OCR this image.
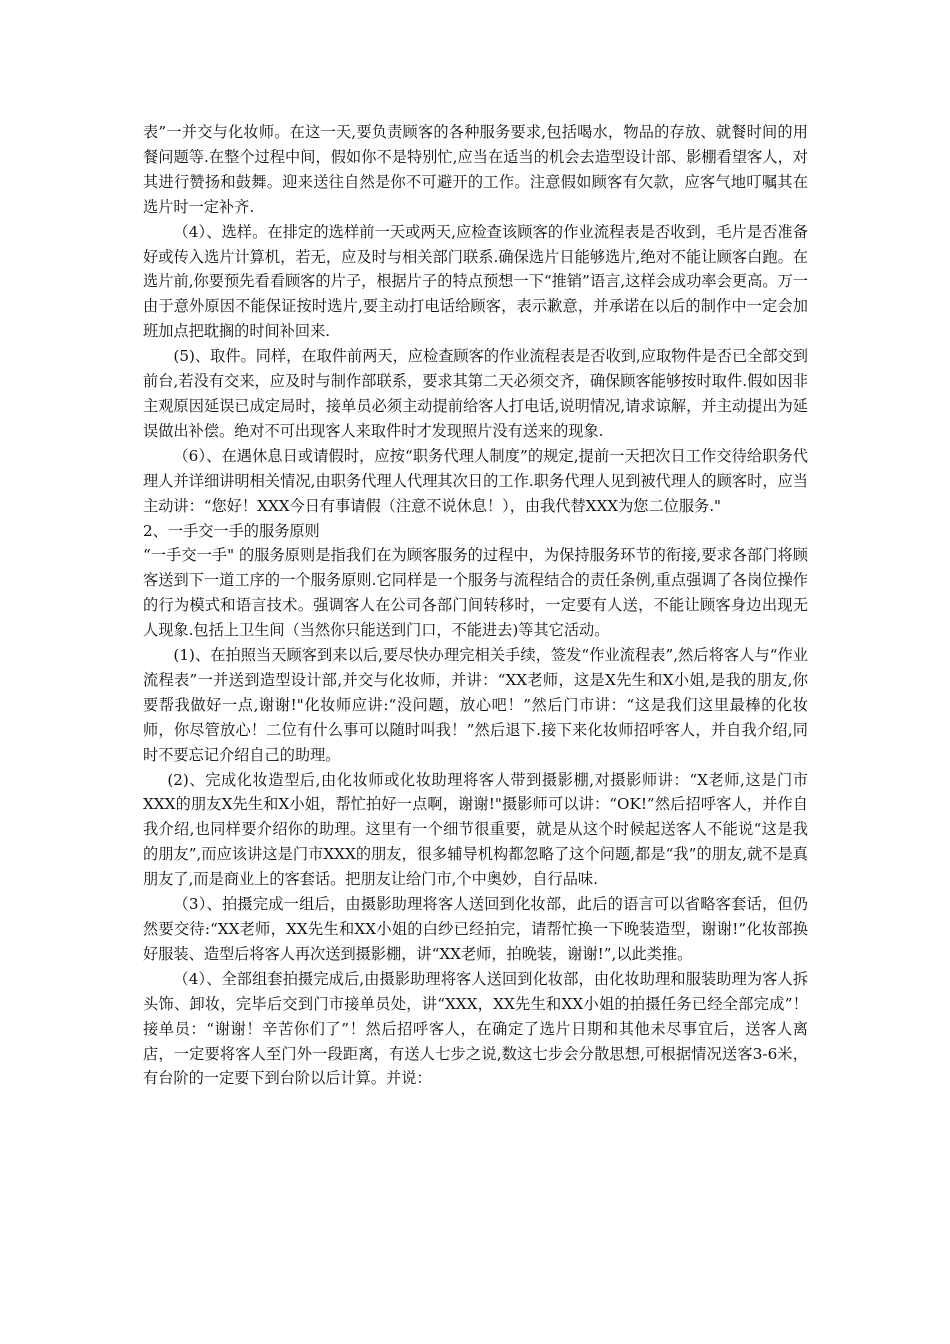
表”一并交与化妆师。在这一天,要负责顾客的各种服务要求,包括喝水，物品的存放、就餐时间的用餐问题等.在整个过程中间，假如你不是特别忙,应当在适当的机会去造型设计部、影棚看望客人，对其进行赞扬和鼓舞。迎来送往自然是你不可避开的工作。注意假如顾客有欠款，应客气地叮嘱其在选片时一定补齐.

（4）、选样。在排定的选样前一天或两天,应检查该顾客的作业流程表是否收到，毛片是否准备好或传入选片计算机，若无，应及时与相关部门联系.确保选片日能够选片,绝对不能让顾客白跑。在选片前,你要预先看看顾客的片子，根据片子的特点预想一下“推销”语言,这样会成功率会更高。万一由于意外原因不能保证按时选片,要主动打电话给顾客，表示歉意，并承诺在以后的制作中一定会加班加点把耽搁的时间补回来.

(5)、取件。同样，在取件前两天，应检查顾客的作业流程表是否收到,应取物件是否已全部交到前台,若没有交来，应及时与制作部联系，要求其第二天必须交齐，确保顾客能够按时取件.假如因非主观原因延误已成定局时，接单员必须主动提前给客人打电话,说明情况,请求谅解，并主动提出为延误做出补偿。绝对不可出现客人来取件时才发现照片没有送来的现象.

（6）、在遇休息日或请假时，应按“职务代理人制度”的规定,提前一天把次日工作交待给职务代理人并详细讲明相关情况,由职务代理人代理其次日的工作.职务代理人见到被代理人的顾客时，应当主动讲：“您好！XXX今日有事请假（注意不说休息！），由我代替XXX为您二位服务."

2、一手交一手的服务原则

“一手交一手" 的服务原则是指我们在为顾客服务的过程中，为保持服务环节的衔接,要求各部门将顾客送到下一道工序的一个服务原则.它同样是一个服务与流程结合的责任条例,重点强调了各岗位操作的行为模式和语言技术。强调客人在公司各部门间转移时，一定要有人送，不能让顾客身边出现无人现象.包括上卫生间（当然你只能送到门口，不能进去)等其它活动。

(1)、在拍照当天顾客到来以后,要尽快办理完相关手续，签发“作业流程表”,然后将客人与“作业流程表”一并送到造型设计部,并交与化妆师，并讲：“XX老师，这是X先生和X小姐,是我的朋友,你要帮我做好一点,谢谢!"化妆师应讲:“没问题，放心吧！”然后门市讲：“这是我们这里最棒的化妆师，你尽管放心！二位有什么事可以随时叫我！”然后退下.接下来化妆师招呼客人，并自我介绍,同时不要忘记介绍自己的助理。

(2)、完成化妆造型后,由化妆师或化妆助理将客人带到摄影棚,对摄影师讲：“X老师,这是门市XXX的朋友X先生和X小姐，帮忙拍好一点啊，谢谢!"摄影师可以讲：“OK!”然后招呼客人，并作自我介绍,也同样要介绍你的助理。这里有一个细节很重要，就是从这个时候起送客人不能说“这是我的朋友”,而应该讲这是门市XXX的朋友，很多辅导机构都忽略了这个问题,都是“我”的朋友,就不是真朋友了,而是商业上的客套话。把朋友让给门市,个中奥妙，自行品味.

（3）、拍摄完成一组后，由摄影助理将客人送回到化妆部，此后的语言可以省略客套话，但仍然要交待:“XX老师，XX先生和XX小姐的白纱已经拍完，请帮忙换一下晚装造型，谢谢!”化妆部换好服装、造型后将客人再次送到摄影棚，讲“XX老师，拍晚装，谢谢!”,以此类推。

（4）、全部组套拍摄完成后,由摄影助理将客人送回到化妆部，由化妆助理和服装助理为客人拆头饰、卸妆，完毕后交到门市接单员处，讲“XXX，XX先生和XX小姐的拍摄任务已经全部完成”！接单员：“谢谢！辛苦你们了”！然后招呼客人，在确定了选片日期和其他未尽事宜后，送客人离店，一定要将客人至门外一段距离，有送人七步之说,数这七步会分散思想,可根据情况送客3-6米，有台阶的一定要下到台阶以后计算。并说：
